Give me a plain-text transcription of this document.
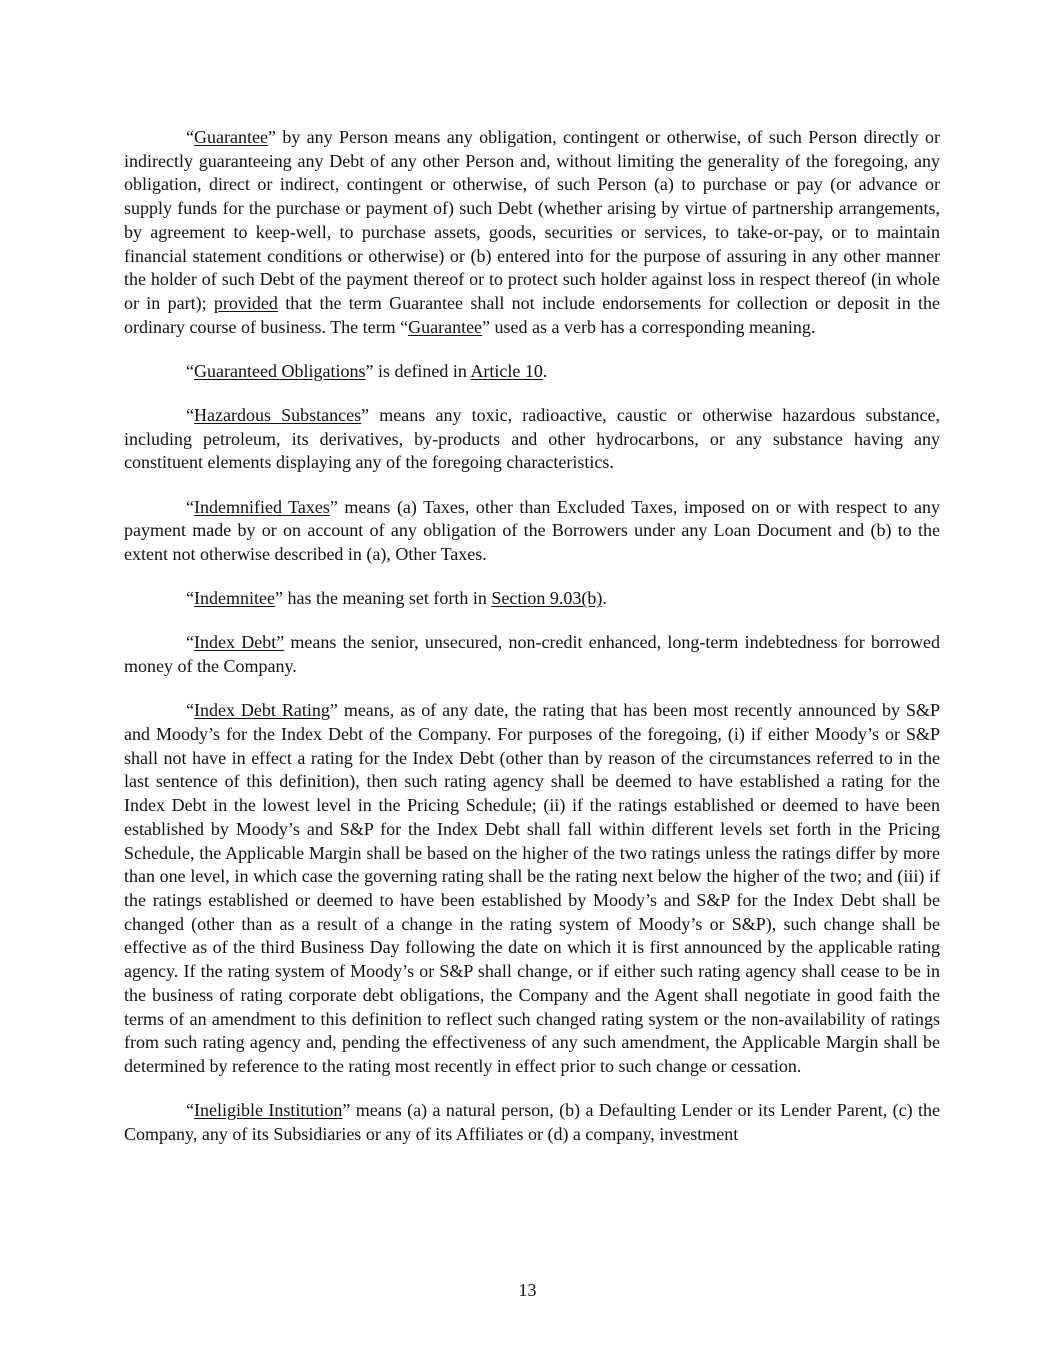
“Guarantee” by any Person means any obligation, contingent or otherwise, of such Person directly or indirectly guaranteeing any Debt of any other Person and, without limiting the generality of the foregoing, any obligation, direct or indirect, contingent or otherwise, of such Person (a) to purchase or pay (or advance or supply funds for the purchase or payment of) such Debt (whether arising by virtue of partnership arrangements, by agreement to keep-well, to purchase assets, goods, securities or services, to take-or-pay, or to maintain financial statement conditions or otherwise) or (b) entered into for the purpose of assuring in any other manner the holder of such Debt of the payment thereof or to protect such holder against loss in respect thereof (in whole or in part); provided that the term Guarantee shall not include endorsements for collection or deposit in the ordinary course of business. The term “Guarantee” used as a verb has a corresponding meaning.

“Guaranteed Obligations” is defined in Article 10.

“Hazardous Substances” means any toxic, radioactive, caustic or otherwise hazardous substance, including petroleum, its derivatives, by-products and other hydrocarbons, or any substance having any constituent elements displaying any of the foregoing characteristics.

“Indemnified Taxes” means (a) Taxes, other than Excluded Taxes, imposed on or with respect to any payment made by or on account of any obligation of the Borrowers under any Loan Document and (b) to the extent not otherwise described in (a), Other Taxes.

“Indemnitee” has the meaning set forth in Section 9.03(b).

“Index Debt” means the senior, unsecured, non-credit enhanced, long-term indebtedness for borrowed money of the Company.

“Index Debt Rating” means, as of any date, the rating that has been most recently announced by S&P and Moody’s for the Index Debt of the Company. For purposes of the foregoing, (i) if either Moody’s or S&P shall not have in effect a rating for the Index Debt (other than by reason of the circumstances referred to in the last sentence of this definition), then such rating agency shall be deemed to have established a rating for the Index Debt in the lowest level in the Pricing Schedule; (ii) if the ratings established or deemed to have been established by Moody’s and S&P for the Index Debt shall fall within different levels set forth in the Pricing Schedule, the Applicable Margin shall be based on the higher of the two ratings unless the ratings differ by more than one level, in which case the governing rating shall be the rating next below the higher of the two; and (iii) if the ratings established or deemed to have been established by Moody’s and S&P for the Index Debt shall be changed (other than as a result of a change in the rating system of Moody’s or S&P), such change shall be effective as of the third Business Day following the date on which it is first announced by the applicable rating agency. If the rating system of Moody’s or S&P shall change, or if either such rating agency shall cease to be in the business of rating corporate debt obligations, the Company and the Agent shall negotiate in good faith the terms of an amendment to this definition to reflect such changed rating system or the non-availability of ratings from such rating agency and, pending the effectiveness of any such amendment, the Applicable Margin shall be determined by reference to the rating most recently in effect prior to such change or cessation.

“Ineligible Institution” means (a) a natural person, (b) a Defaulting Lender or its Lender Parent, (c) the Company, any of its Subsidiaries or any of its Affiliates or (d) a company, investment

13
